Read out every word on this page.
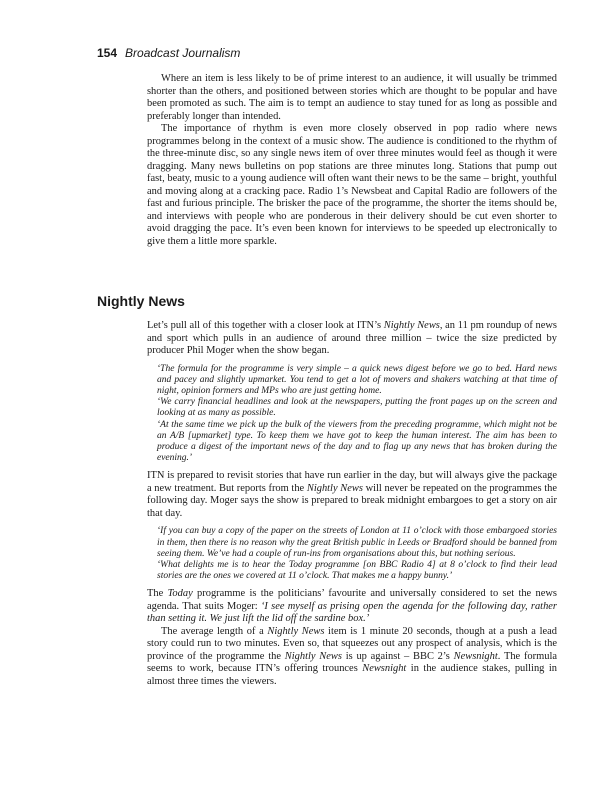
154 Broadcast Journalism

Where an item is less likely to be of prime interest to an audience, it will usually be trimmed shorter than the others, and positioned between stories which are thought to be popular and have been promoted as such. The aim is to tempt an audience to stay tuned for as long as possible and preferably longer than intended.

The importance of rhythm is even more closely observed in pop radio where news programmes belong in the context of a music show. The audience is conditioned to the rhythm of the three-minute disc, so any single news item of over three minutes would feel as though it were dragging. Many news bulletins on pop stations are three minutes long. Stations that pump out fast, beaty, music to a young audience will often want their news to be the same – bright, youthful and moving along at a cracking pace. Radio 1’s Newsbeat and Capital Radio are followers of the fast and furious principle. The brisker the pace of the programme, the shorter the items should be, and interviews with people who are ponderous in their delivery should be cut even shorter to avoid dragging the pace. It’s even been known for interviews to be speeded up electronically to give them a little more sparkle.

Nightly News

Let’s pull all of this together with a closer look at ITN’s Nightly News, an 11 pm roundup of news and sport which pulls in an audience of around three million – twice the size predicted by producer Phil Moger when the show began.

‘The formula for the programme is very simple – a quick news digest before we go to bed. Hard news and pacey and slightly upmarket. You tend to get a lot of movers and shakers watching at that time of night, opinion formers and MPs who are just getting home.

‘We carry financial headlines and look at the newspapers, putting the front pages up on the screen and looking at as many as possible.

‘At the same time we pick up the bulk of the viewers from the preceding programme, which might not be an A/B [upmarket] type. To keep them we have got to keep the human interest. The aim has been to produce a digest of the important news of the day and to flag up any news that has broken during the evening.’

ITN is prepared to revisit stories that have run earlier in the day, but will always give the package a new treatment. But reports from the Nightly News will never be repeated on the programmes the following day. Moger says the show is prepared to break midnight embargoes to get a story on air that day.

‘If you can buy a copy of the paper on the streets of London at 11 o’clock with those embargoed stories in them, then there is no reason why the great British public in Leeds or Bradford should be banned from seeing them. We’ve had a couple of run-ins from organisations about this, but nothing serious.

‘What delights me is to hear the Today programme [on BBC Radio 4] at 8 o’clock to find their lead stories are the ones we covered at 11 o’clock. That makes me a happy bunny.’

The Today programme is the politicians’ favourite and universally considered to set the news agenda. That suits Moger: ‘I see myself as prising open the agenda for the following day, rather than setting it. We just lift the lid off the sardine box.’

The average length of a Nightly News item is 1 minute 20 seconds, though at a push a lead story could run to two minutes. Even so, that squeezes out any prospect of analysis, which is the province of the programme the Nightly News is up against – BBC 2’s Newsnight. The formula seems to work, because ITN’s offering trounces Newsnight in the audience stakes, pulling in almost three times the viewers.
